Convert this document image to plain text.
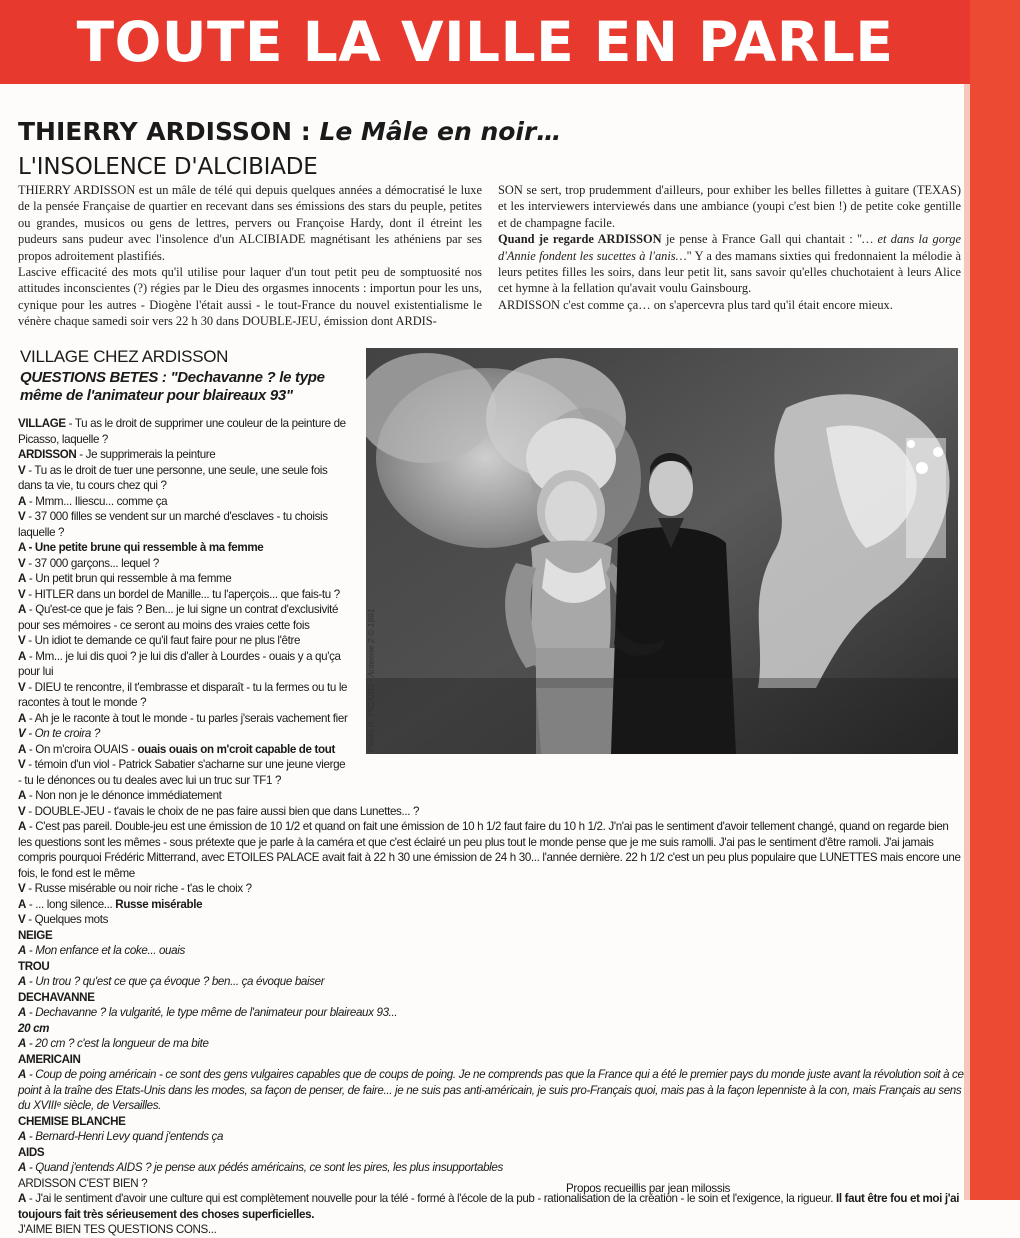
TOUTE LA VILLE EN PARLE
THIERRY ARDISSON : Le Mâle en noir…
L'INSOLENCE D'ALCIBIADE

THIERRY ARDISSON est un mâle de télé qui depuis quelques années a démocratisé le luxe de la pensée Française de quartier en recevant dans ses émissions des stars du peuple, petites ou grandes, musicos ou gens de lettres, pervers ou Françoise Hardy, dont il étreint les pudeurs sans pudeur avec l'insolence d'un ALCIBIADE magnétisant les athéniens par ses propos adroitement plastifiés.

Lascive efficacité des mots qu'il utilise pour laquer d'un tout petit peu de somptuosité nos attitudes inconscientes (?) régies par le Dieu des orgasmes innocents : importun pour les uns, cynique pour les autres - Diogène l'était aussi - le tout-France du nouvel existentialisme le vénère chaque samedi soir vers 22 h 30 dans DOUBLE-JEU, émission dont ARDIS-

SON se sert, trop prudemment d'ailleurs, pour exhiber les belles fillettes à guitare (TEXAS) et les interviewers interviewés dans une ambiance (youpi c'est bien !) de petite coke gentille et de champagne facile.

Quand je regarde ARDISSON je pense à France Gall qui chantait : "… et dans la gorge d'Annie fondent les sucettes à l'anis…" Y a des mamans sixties qui fredonnaient la mélodie à leurs petites filles les soirs, dans leur petit lit, sans savoir qu'elles chuchotaient à leurs Alice cet hymne à la fellation qu'avait voulu Gainsbourg.

ARDISSON c'est comme ça… on s'apercevra plus tard qu'il était encore mieux.

VILLAGE CHEZ ARDISSON
QUESTIONS BETES : "Dechavanne ? le type même de l'animateur pour blaireaux 93"
VILLAGE - Tu as le droit de supprimer une couleur de la peinture de Picasso, laquelle ?
ARDISSON - Je supprimerais la peinture
V - Tu as le droit de tuer une personne, une seule, une seule fois dans ta vie, tu cours chez qui ?
A - Mmm... Iliescu... comme ça
V - 37 000 filles se vendent sur un marché d'esclaves - tu choisis laquelle ?
A - Une petite brune qui ressemble à ma femme
V - 37 000 garçons... lequel ?
A - Un petit brun qui ressemble à ma femme
V - HITLER dans un bordel de Manille... tu l'aperçois... que fais-tu ?
A - Qu'est-ce que je fais ? Ben... je lui signe un contrat d'exclusivité pour ses mémoires - ce seront au moins des vraies cette fois
V - Un idiot te demande ce qu'il faut faire pour ne plus l'être
A - Mm... je lui dis quoi ? je lui dis d'aller à Lourdes - ouais y a qu'ça pour lui
V - DIEU te rencontre, il t'embrasse et disparaît - tu la fermes ou tu le racontes à tout le monde ?
A - Ah je le raconte à tout le monde - tu parles j'serais vachement fier
V - On te croira ?
A - On m'croira OUAIS - ouais ouais on m'croit capable de tout
V - témoin d'un viol - Patrick Sabatier s'acharne sur une jeune vierge - tu le dénonces ou tu deales avec lui un truc sur TF1 ?
A - Non non je le dénonce immédiatement
V - DOUBLE-JEU - t'avais le choix de ne pas faire aussi bien que dans Lunettes... ?
A - C'est pas pareil. Double-jeu est une émission de 10 1/2 et quand on fait une émission de 10 h 1/2 faut faire du 10 h 1/2. J'n'ai pas le sentiment d'avoir tellement changé, quand on regarde bien les questions sont les mêmes - sous prétexte que je parle à la caméra et que c'est éclairé un peu plus tout le monde pense que je me suis ramolli. J'ai pas le sentiment d'être ramoli. J'ai jamais compris pourquoi Frédéric Mitterrand, avec ETOILES PALACE avait fait à 22 h 30 une émission de 24 h 30... l'année dernière. 22 h 1/2 c'est un peu plus populaire que LUNETTES mais encore une fois, le fond est le même
V - Russe misérable ou noir riche - t'as le choix ?
A - ... long silence... Russe misérable
V - Quelques mots
NEIGE
A - Mon enfance et la coke... ouais
TROU
A - Un trou ? qu'est ce que ça évoque ? ben... ça évoque baiser
DECHAVANNE
A - Dechavanne ? la vulgarité, le type même de l'animateur pour blaireaux 93...
20 cm
A - 20 cm ? c'est la longueur de ma bite
AMERICAIN
A - Coup de poing américain - ce sont des gens vulgaires capables que de coups de poing. Je ne comprends pas que la France qui a été le premier pays du monde juste avant la révolution soit à ce point à la traîne des Etats-Unis dans les modes, sa façon de penser, de faire... je ne suis pas anti-américain, je suis pro-Français quoi, mais pas à la façon lepenniste à la con, mais Français au sens du XVIIIᵉ siècle, de Versailles.
CHEMISE BLANCHE
A - Bernard-Henri Levy quand j'entends ça
AIDS
A - Quand j'entends AIDS ? je pense aux pédés américains, ce sont les pires, les plus insupportables
ARDISSON C'EST BIEN ?
A - J'ai le sentiment d'avoir une culture qui est complètement nouvelle pour la télé - formé à l'école de la pub - rationalisation de la création - le soin et l'exigence, la rigueur. Il faut être fou et moi j'ai toujours fait très sérieusement des choses superficielles.
J'AIME BIEN TES QUESTIONS CONS...
Propos recueillis par jean milossis
